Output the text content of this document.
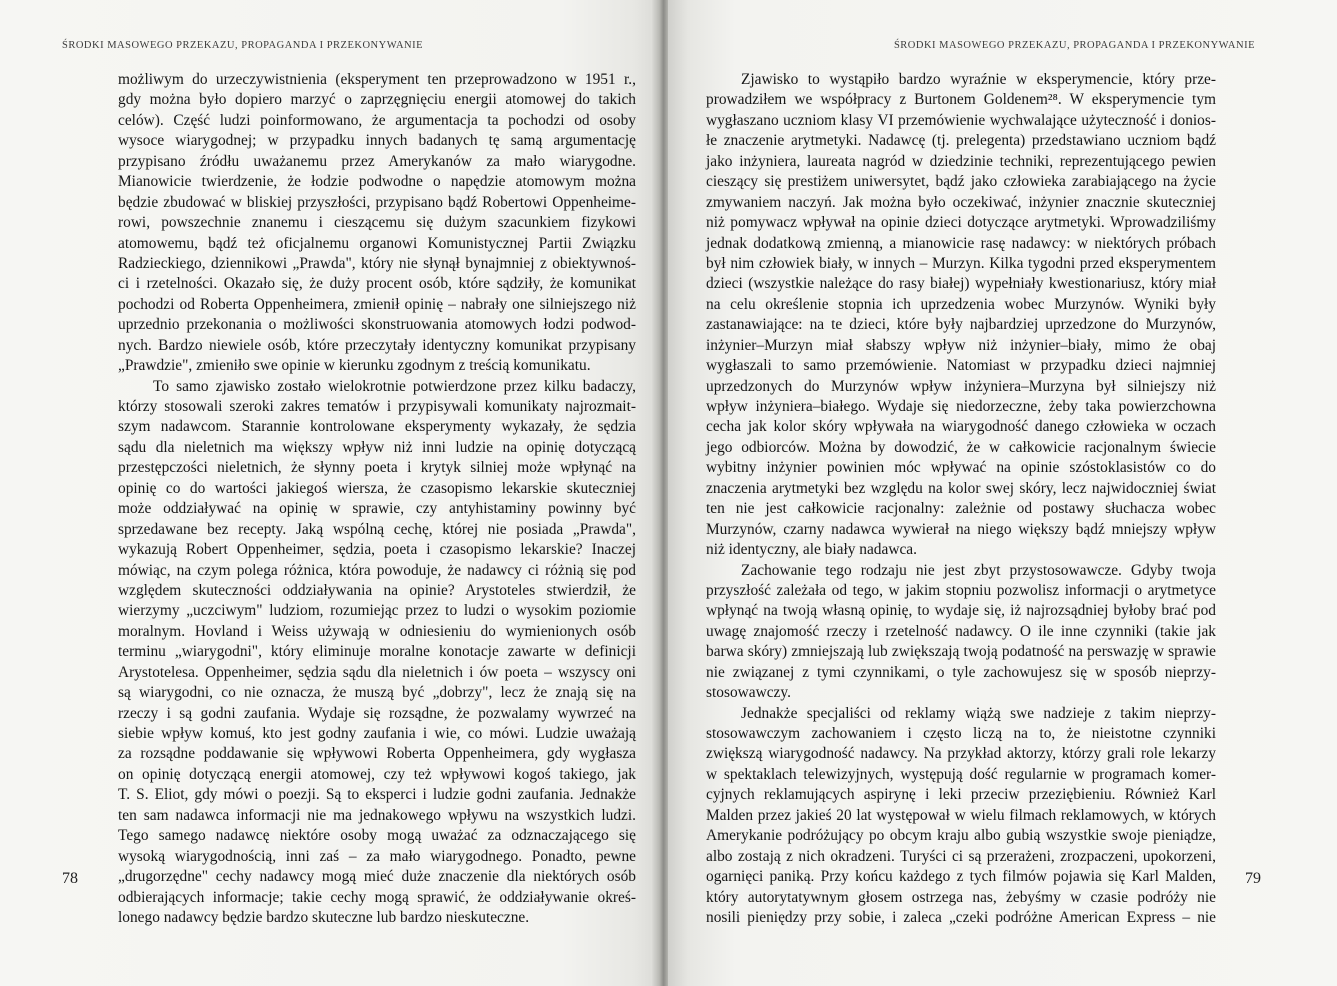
ŚRODKI MASOWEGO PRZEKAZU, PROPAGANDA I PRZEKONYWANIE
możliwym do urzeczywistnienia (eksperyment ten przeprowadzono w 1951 r.,
gdy można było dopiero marzyć o zaprzęgnięciu energii atomowej do takich
celów). Część ludzi poinformowano, że argumentacja ta pochodzi od osoby
wysoce wiarygodnej; w przypadku innych badanych tę samą argumentację
przypisano źródłu uważanemu przez Amerykanów za mało wiarygodne.
Mianowicie twierdzenie, że łodzie podwodne o napędzie atomowym można
będzie zbudować w bliskiej przyszłości, przypisano bądź Robertowi Oppenheime-
rowi, powszechnie znanemu i cieszącemu się dużym szacunkiem fizykowi
atomowemu, bądź też oficjalnemu organowi Komunistycznej Partii Związku
Radzieckiego, dziennikowi „Prawda", który nie słynął bynajmniej z obiektywnoś-
ci i rzetelności. Okazało się, że duży procent osób, które sądziły, że komunikat
pochodzi od Roberta Oppenheimera, zmienił opinię – nabrały one silniejszego niż
uprzednio przekonania o możliwości skonstruowania atomowych łodzi podwod-
nych. Bardzo niewiele osób, które przeczytały identyczny komunikat przypisany
„Prawdzie", zmieniło swe opinie w kierunku zgodnym z treścią komunikatu.
To samo zjawisko zostało wielokrotnie potwierdzone przez kilku badaczy,
którzy stosowali szeroki zakres tematów i przypisywali komunikaty najrozmait-
szym nadawcom. Starannie kontrolowane eksperymenty wykazały, że sędzia
sądu dla nieletnich ma większy wpływ niż inni ludzie na opinię dotyczącą
przestępczości nieletnich, że słynny poeta i krytyk silniej może wpłynąć na
opinię co do wartości jakiegoś wiersza, że czasopismo lekarskie skuteczniej
może oddziaływać na opinię w sprawie, czy antyhistaminy powinny być
sprzedawane bez recepty. Jaką wspólną cechę, której nie posiada „Prawda",
wykazują Robert Oppenheimer, sędzia, poeta i czasopismo lekarskie? Inaczej
mówiąc, na czym polega różnica, która powoduje, że nadawcy ci różnią się pod
względem skuteczności oddziaływania na opinie? Arystoteles stwierdził, że
wierzymy „uczciwym" ludziom, rozumiejąc przez to ludzi o wysokim poziomie
moralnym. Hovland i Weiss używają w odniesieniu do wymienionych osób
terminu „wiarygodni", który eliminuje moralne konotacje zawarte w definicji
Arystotelesa. Oppenheimer, sędzia sądu dla nieletnich i ów poeta – wszyscy oni
są wiarygodni, co nie oznacza, że muszą być „dobrzy", lecz że znają się na
rzeczy i są godni zaufania. Wydaje się rozsądne, że pozwalamy wywrzeć na
siebie wpływ komuś, kto jest godny zaufania i wie, co mówi. Ludzie uważają
za rozsądne poddawanie się wpływowi Roberta Oppenheimera, gdy wygłasza
on opinię dotyczącą energii atomowej, czy też wpływowi kogoś takiego, jak
T. S. Eliot, gdy mówi o poezji. Są to eksperci i ludzie godni zaufania. Jednakże
ten sam nadawca informacji nie ma jednakowego wpływu na wszystkich ludzi.
Tego samego nadawcę niektóre osoby mogą uważać za odznaczającego się
wysoką wiarygodnością, inni zaś – za mało wiarygodnego. Ponadto, pewne
„drugorzędne" cechy nadawcy mogą mieć duże znaczenie dla niektórych osób
odbierających informacje; takie cechy mogą sprawić, że oddziaływanie okreś-
lonego nadawcy będzie bardzo skuteczne lub bardzo nieskuteczne.
78
ŚRODKI MASOWEGO PRZEKAZU, PROPAGANDA I PRZEKONYWANIE
Zjawisko to wystąpiło bardzo wyraźnie w eksperymencie, który prze-
prowadziłem we współpracy z Burtonem Goldenem²⁸. W eksperymencie tym
wygłaszano uczniom klasy VI przemówienie wychwalające użyteczność i donios-
łe znaczenie arytmetyki. Nadawcę (tj. prelegenta) przedstawiano uczniom bądź
jako inżyniera, laureata nagród w dziedzinie techniki, reprezentującego pewien
cieszący się prestiżem uniwersytet, bądź jako człowieka zarabiającego na życie
zmywaniem naczyń. Jak można było oczekiwać, inżynier znacznie skuteczniej
niż pomywacz wpływał na opinie dzieci dotyczące arytmetyki. Wprowadziliśmy
jednak dodatkową zmienną, a mianowicie rasę nadawcy: w niektórych próbach
był nim człowiek biały, w innych – Murzyn. Kilka tygodni przed eksperymentem
dzieci (wszystkie należące do rasy białej) wypełniały kwestionariusz, który miał
na celu określenie stopnia ich uprzedzenia wobec Murzynów. Wyniki były
zastanawiające: na te dzieci, które były najbardziej uprzedzone do Murzynów,
inżynier–Murzyn miał słabszy wpływ niż inżynier–biały, mimo że obaj
wygłaszali to samo przemówienie. Natomiast w przypadku dzieci najmniej
uprzedzonych do Murzynów wpływ inżyniera–Murzyna był silniejszy niż
wpływ inżyniera–białego. Wydaje się niedorzeczne, żeby taka powierzchowna
cecha jak kolor skóry wpływała na wiarygodność danego człowieka w oczach
jego odbiorców. Można by dowodzić, że w całkowicie racjonalnym świecie
wybitny inżynier powinien móc wpływać na opinie szóstoklasistów co do
znaczenia arytmetyki bez względu na kolor swej skóry, lecz najwidoczniej świat
ten nie jest całkowicie racjonalny: zależnie od postawy słuchacza wobec
Murzynów, czarny nadawca wywierał na niego większy bądź mniejszy wpływ
niż identyczny, ale biały nadawca.
Zachowanie tego rodzaju nie jest zbyt przystosowawcze. Gdyby twoja
przyszłość zależała od tego, w jakim stopniu pozwolisz informacji o arytmetyce
wpłynąć na twoją własną opinię, to wydaje się, iż najrozsądniej byłoby brać pod
uwagę znajomość rzeczy i rzetelność nadawcy. O ile inne czynniki (takie jak
barwa skóry) zmniejszają lub zwiększają twoją podatność na perswazję w sprawie
nie związanej z tymi czynnikami, o tyle zachowujesz się w sposób nieprzy-
stosowawczy.
Jednakże specjaliści od reklamy wiążą swe nadzieje z takim nieprzy-
stosowawczym zachowaniem i często liczą na to, że nieistotne czynniki
zwiększą wiarygodność nadawcy. Na przykład aktorzy, którzy grali role lekarzy
w spektaklach telewizyjnych, występują dość regularnie w programach komer-
cyjnych reklamujących aspirynę i leki przeciw przeziębieniu. Również Karl
Malden przez jakieś 20 lat występował w wielu filmach reklamowych, w których
Amerykanie podróżujący po obcym kraju albo gubią wszystkie swoje pieniądze,
albo zostają z nich okradzeni. Turyści ci są przerażeni, zrozpaczeni, upokorzeni,
ogarnięci paniką. Przy końcu każdego z tych filmów pojawia się Karl Malden,
który autorytatywnym głosem ostrzega nas, żebyśmy w czasie podróży nie
nosili pieniędzy przy sobie, i zaleca „czeki podróżne American Express – nie
79
